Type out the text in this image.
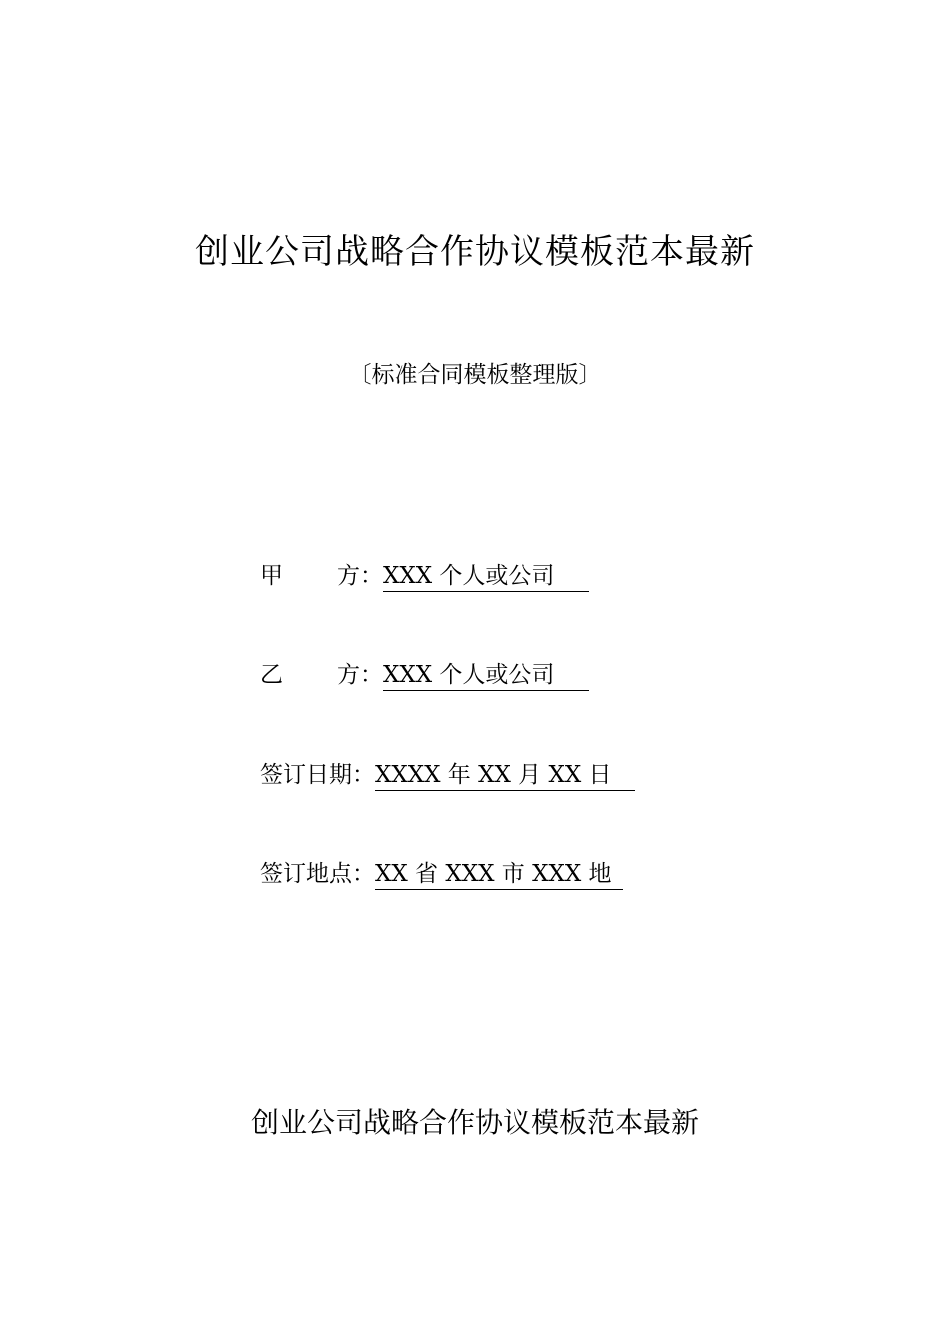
创业公司战略合作协议模板范本最新
〔标准合同模板整理版〕
甲 方：XXX 个人或公司　 
乙 方：XXX 个人或公司　 
签订日期：XXXX 年 XX 月 XX 日  
签订地点：XX 省 XXX 市 XXX 地 
创业公司战略合作协议模板范本最新
